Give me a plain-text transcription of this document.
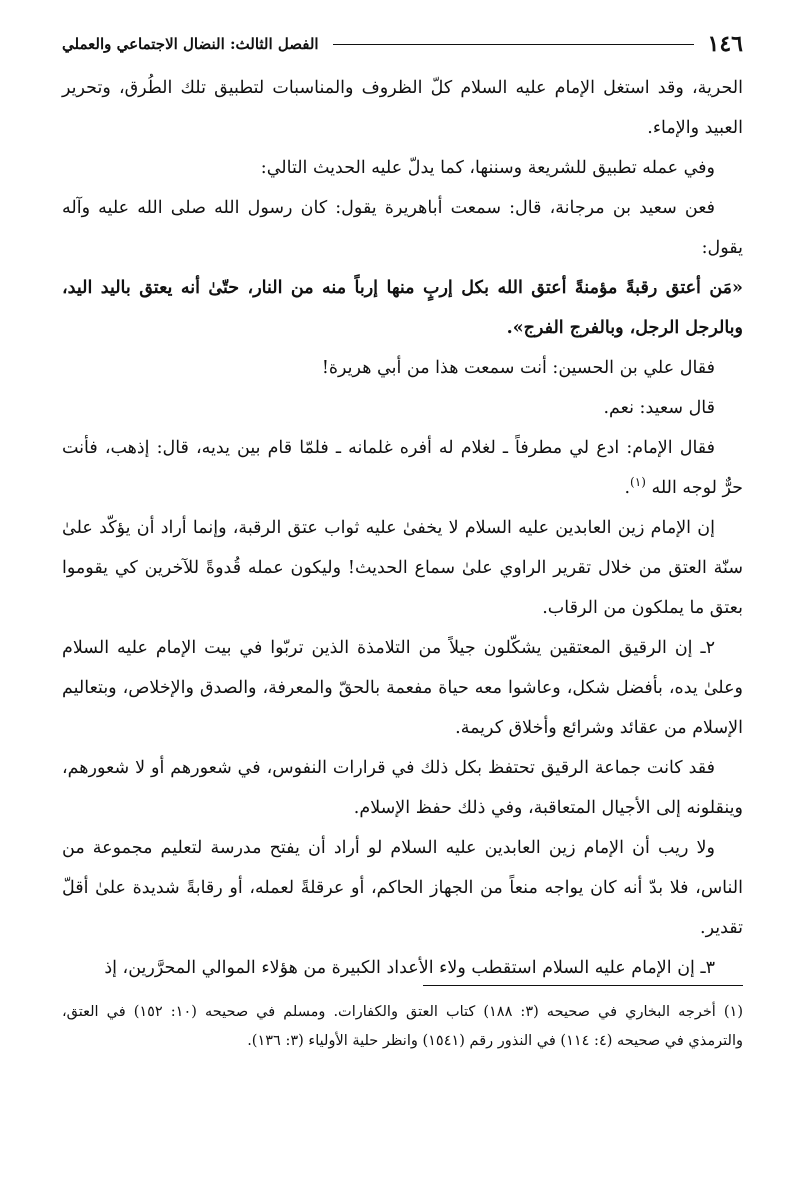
١٤٦
الفصل الثالث: النضال الاجتماعي والعملي

الحرية، وقد استغل الإمام عليه السلام كلّ الظروف والمناسبات لتطبيق تلك الطُرق، وتحرير العبيد والإماء.

وفي عمله تطبيق للشريعة وسننها، كما يدلّ عليه الحديث التالي:

فعن سعيد بن مرجانة، قال: سمعت أباهريرة يقول: كان رسول الله صلى الله عليه وآله يقول:

«مَن أعتق رقبةً مؤمنةً أعتق الله بكل إربٍ منها إرباً منه من النار، حتّىٰ أنه يعتق باليد اليد، وبالرجل الرجل، وبالفرج الفرج».

فقال علي بن الحسين: أنت سمعت هذا من أبي هريرة!

قال سعيد: نعم.

فقال الإمام: ادع لي مطرفاً ـ لغلام له أفره غلمانه ـ فلمّا قام بين يديه، قال: إذهب، فأنت حرٌّ لوجه الله $^{(١)}$.

إن الإمام زين العابدين عليه السلام لا يخفىٰ عليه ثواب عتق الرقبة، وإنما أراد أن يؤكّد علىٰ سنّة العتق من خلال تقرير الراوي علىٰ سماع الحديث! وليكون عمله قُدوةً للآخرين كي يقوموا بعتق ما يملكون من الرقاب.

٢ـ إن الرقيق المعتقين يشكّلون جيلاً من التلامذة الذين تربّوا في بيت الإمام عليه السلام وعلىٰ يده، بأفضل شكل، وعاشوا معه حياة مفعمة بالحقّ والمعرفة، والصدق والإخلاص، وبتعاليم الإسلام من عقائد وشرائع وأخلاق كريمة.

فقد كانت جماعة الرقيق تحتفظ بكل ذلك في قرارات النفوس، في شعورهم أو لا شعورهم، وينقلونه إلى الأجيال المتعاقبة، وفي ذلك حفظ الإسلام.

ولا ريب أن الإمام زين العابدين عليه السلام لو أراد أن يفتح مدرسة لتعليم مجموعة من الناس، فلا بدّ أنه كان يواجه منعاً من الجهاز الحاكم، أو عرقلةً لعمله، أو رقابةً شديدة علىٰ أقلّ تقدير.

٣ـ إن الإمام عليه السلام استقطب ولاء الأعداد الكبيرة من هؤلاء الموالي المحرَّرين، إذ

(١) أخرجه البخاري في صحيحه (٣: ١٨٨) كتاب العتق والكفارات. ومسلم في صحيحه (١٠: ١٥٢) في العتق، والترمذي في صحيحه (٤: ١١٤) في النذور رقم (١٥٤١) وانظر حلية الأولياء (٣: ١٣٦).
